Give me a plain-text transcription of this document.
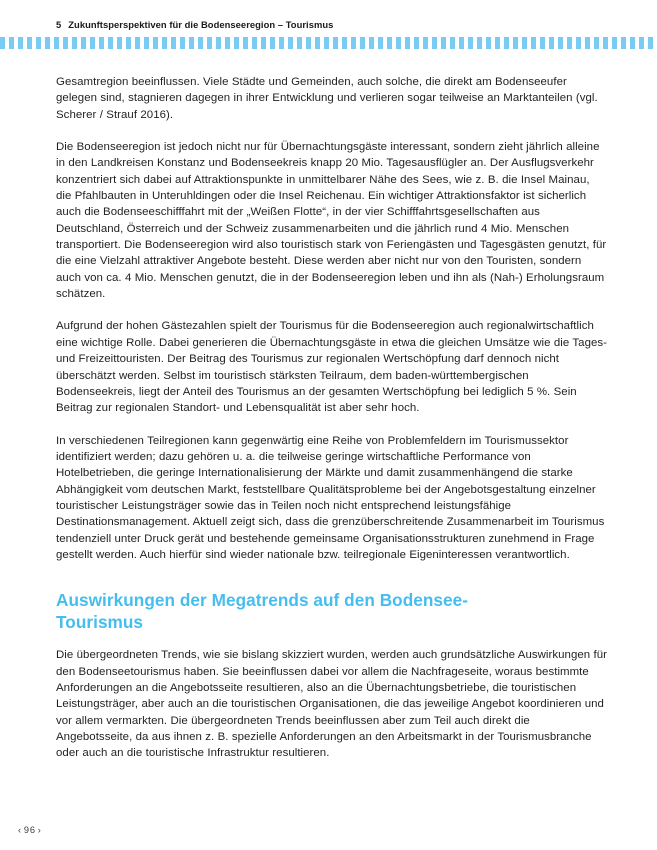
5 Zukunftsperspektiven für die Bodenseeregion – Tourismus

Gesamtregion beeinflussen. Viele Städte und Gemeinden, auch solche, die direkt am Bodenseeufer gelegen sind, stagnieren dagegen in ihrer Entwicklung und verlieren sogar teilweise an Marktanteilen (vgl. Scherer / Strauf 2016).

Die Bodenseeregion ist jedoch nicht nur für Übernachtungsgäste interessant, sondern zieht jährlich alleine in den Landkreisen Konstanz und Bodenseekreis knapp 20 Mio. Tagesausflügler an. Der Ausflugsverkehr konzentriert sich dabei auf Attraktionspunkte in unmittelbarer Nähe des Sees, wie z. B. die Insel Mainau, die Pfahlbauten in Unteruhldingen oder die Insel Reichenau. Ein wichtiger Attraktionsfaktor ist sicherlich auch die Bodenseeschifffahrt mit der „Weißen Flotte“, in der vier Schifffahrtsgesellschaften aus Deutschland, Österreich und der Schweiz zusammenarbeiten und die jährlich rund 4 Mio. Menschen transportiert. Die Bodenseeregion wird also touristisch stark von Feriengästen und Tagesgästen genutzt, für die eine Vielzahl attraktiver Angebote besteht. Diese werden aber nicht nur von den Touristen, sondern auch von ca. 4 Mio. Menschen genutzt, die in der Bodenseeregion leben und ihn als (Nah-) Erholungsraum schätzen.

Aufgrund der hohen Gästezahlen spielt der Tourismus für die Bodenseeregion auch regionalwirtschaftlich eine wichtige Rolle. Dabei generieren die Übernachtungsgäste in etwa die gleichen Umsätze wie die Tages- und Freizeittouristen. Der Beitrag des Tourismus zur regionalen Wertschöpfung darf dennoch nicht überschätzt werden. Selbst im touristisch stärksten Teilraum, dem baden-württembergischen Bodenseekreis, liegt der Anteil des Tourismus an der gesamten Wertschöpfung bei lediglich 5 %. Sein Beitrag zur regionalen Standort- und Lebensqualität ist aber sehr hoch.

In verschiedenen Teilregionen kann gegenwärtig eine Reihe von Problemfeldern im Tourismussektor identifiziert werden; dazu gehören u. a. die teilweise geringe wirtschaftliche Performance von Hotelbetrieben, die geringe Internationalisierung der Märkte und damit zusammenhängend die starke Abhängigkeit vom deutschen Markt, feststellbare Qualitätsprobleme bei der Angebotsgestaltung einzelner touristischer Leistungsträger sowie das in Teilen noch nicht entsprechend leistungsfähige Destinationsmanagement. Aktuell zeigt sich, dass die grenzüberschreitende Zusammenarbeit im Tourismus tendenziell unter Druck gerät und bestehende gemeinsame Organisationsstrukturen zunehmend in Frage gestellt werden. Auch hierfür sind wieder nationale bzw. teilregionale Eigeninteressen verantwortlich.

Auswirkungen der Megatrends auf den Bodensee-Tourismus

Die übergeordneten Trends, wie sie bislang skizziert wurden, werden auch grundsätzliche Auswirkungen für den Bodenseetourismus haben. Sie beeinflussen dabei vor allem die Nachfrageseite, woraus bestimmte Anforderungen an die Angebotsseite resultieren, also an die Übernachtungsbetriebe, die touristischen Leistungsträger, aber auch an die touristischen Organisationen, die das jeweilige Angebot koordinieren und vor allem vermarkten. Die übergeordneten Trends beeinflussen aber zum Teil auch direkt die Angebotsseite, da aus ihnen z. B. spezielle Anforderungen an den Arbeitsmarkt in der Tourismusbranche oder auch an die touristische Infrastruktur resultieren.

‹ 96 ›
